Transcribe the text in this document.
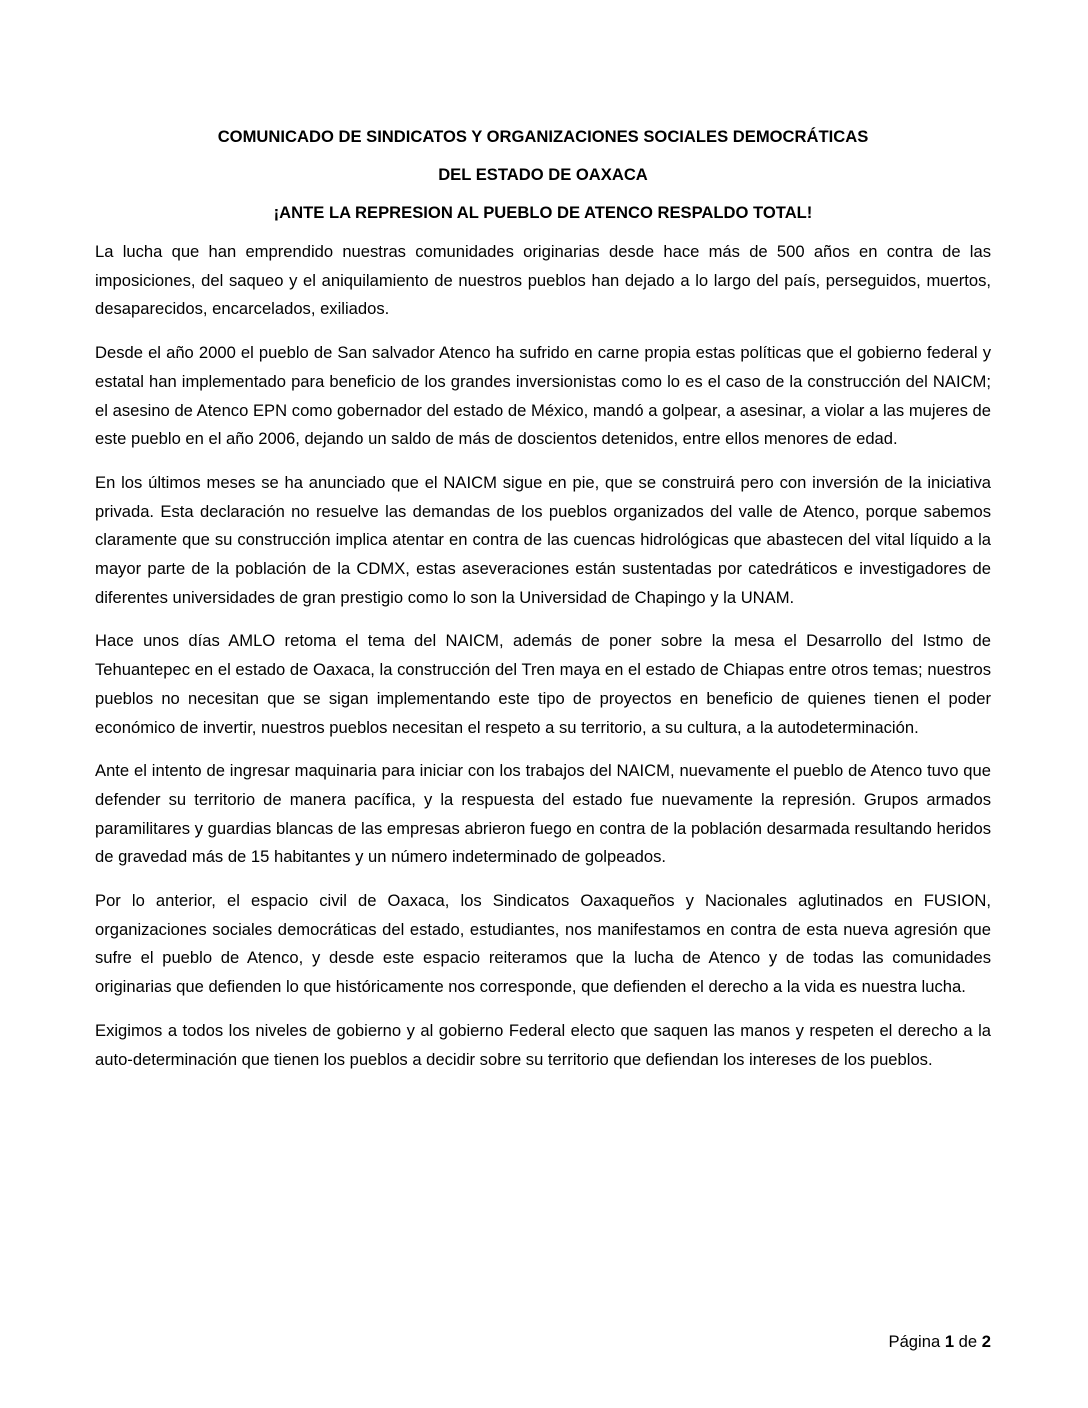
COMUNICADO DE SINDICATOS Y ORGANIZACIONES SOCIALES DEMOCRÁTICAS

DEL ESTADO DE OAXACA

¡ANTE LA REPRESION AL PUEBLO DE ATENCO RESPALDO TOTAL!

La lucha que han emprendido nuestras comunidades originarias desde hace más de 500 años en contra de las imposiciones, del saqueo y el aniquilamiento de nuestros pueblos han dejado a lo largo del país, perseguidos, muertos, desaparecidos, encarcelados, exiliados.

Desde el año 2000 el pueblo de San salvador Atenco ha sufrido en carne propia estas políticas que el gobierno federal y estatal han implementado para beneficio de los grandes inversionistas como lo es el caso de la construcción del NAICM; el asesino de Atenco EPN como gobernador del estado de México, mandó a golpear, a asesinar, a violar a las mujeres de este pueblo en el año 2006, dejando un saldo de más de doscientos detenidos, entre ellos menores de edad.

En los últimos meses se ha anunciado que el NAICM sigue en pie, que se construirá pero con inversión de la iniciativa privada. Esta declaración no resuelve las demandas de los pueblos organizados del valle de Atenco, porque sabemos claramente que su construcción implica atentar en contra de las cuencas hidrológicas que abastecen del vital líquido a la mayor parte de la población de la CDMX, estas aseveraciones están sustentadas por catedráticos e investigadores de diferentes universidades de gran prestigio como lo son la Universidad de Chapingo y la UNAM.

Hace unos días AMLO retoma el tema del NAICM, además de poner sobre la mesa el Desarrollo del Istmo de Tehuantepec en el estado de Oaxaca, la construcción del Tren maya en el estado de Chiapas entre otros temas; nuestros pueblos no necesitan que se sigan implementando este tipo de proyectos en beneficio de quienes tienen el poder económico de invertir, nuestros pueblos necesitan el respeto a su territorio, a su cultura, a la autodeterminación.

Ante el intento de ingresar maquinaria para iniciar con los trabajos del NAICM, nuevamente el pueblo de Atenco tuvo que defender su territorio de manera pacífica, y la respuesta del estado fue nuevamente la represión. Grupos armados paramilitares y guardias blancas de las empresas abrieron fuego en contra de la población desarmada resultando heridos de gravedad más de 15 habitantes y un número indeterminado de golpeados.

Por lo anterior, el espacio civil de Oaxaca, los Sindicatos Oaxaqueños y Nacionales aglutinados en FUSION, organizaciones sociales democráticas del estado, estudiantes, nos manifestamos en contra de esta nueva agresión que sufre el pueblo de Atenco, y desde este espacio reiteramos que la lucha de Atenco y de todas las comunidades originarias que defienden lo que históricamente nos corresponde, que defienden el derecho a la vida es nuestra lucha.

Exigimos a todos los niveles de gobierno y al gobierno Federal electo que saquen las manos y respeten el derecho a la auto-determinación que tienen los pueblos a decidir sobre su territorio que defiendan los intereses de los pueblos.

Página 1 de 2
